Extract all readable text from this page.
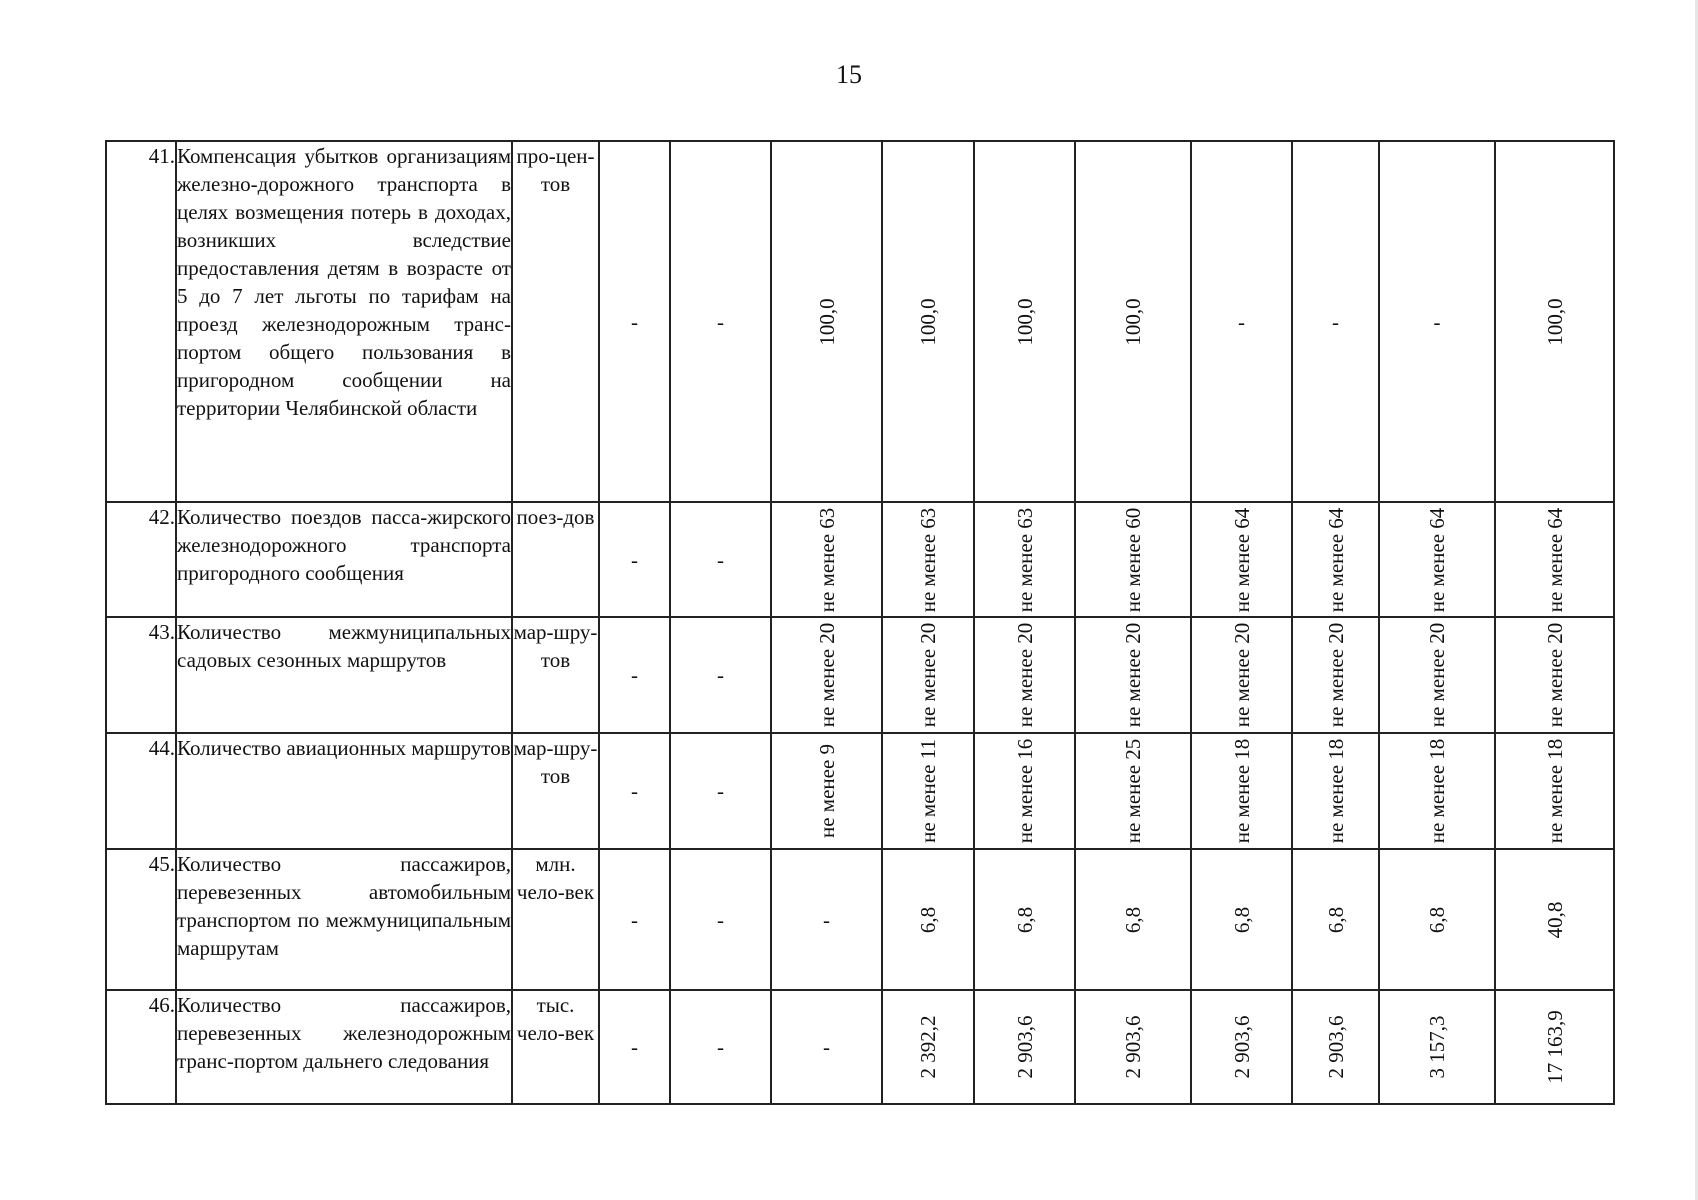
15
41.	Компенсация убытков организациям железно-дорожного транспорта в целях возмещения потерь в доходах, возникших вследствие предоставления детям в возрасте от 5 до 7 лет льготы по тарифам на проезд железнодорожным транс-портом общего пользования в пригородном сообщении на территории Челябинской области	про-цен-тов	-	-	100,0	100,0	100,0	100,0	-	-	-	100,0

42.	Количество поездов пасса-жирского железнодорожного транспорта пригородного сообщения	поез-дов	-	-	не менее 63	не менее 63	не менее 63	не менее 60	не менее 64	не менее 64	не менее 64	не менее 64

43.	Количество межмуниципальных садовых сезонных маршрутов	мар-шру-тов	-	-	не менее 20	не менее 20	не менее 20	не менее 20	не менее 20	не менее 20	не менее 20	не менее 20

44.	Количество авиационных маршрутов	мар-шру-тов	-	-	не менее 9	не менее 11	не менее 16	не менее 25	не менее 18	не менее 18	не менее 18	не менее 18

45.	Количество пассажиров, перевезенных автомобильным транспортом по межмуниципальным маршрутам	млн. чело-век	-	-	-	6,8	6,8	6,8	6,8	6,8	6,8	40,8

46.	Количество пассажиров, перевезенных железнодорожным транс-портом дальнего следования	тыс. чело-век	-	-	-	2 392,2	2 903,6	2 903,6	2 903,6	2 903,6	3 157,3	17 163,9
